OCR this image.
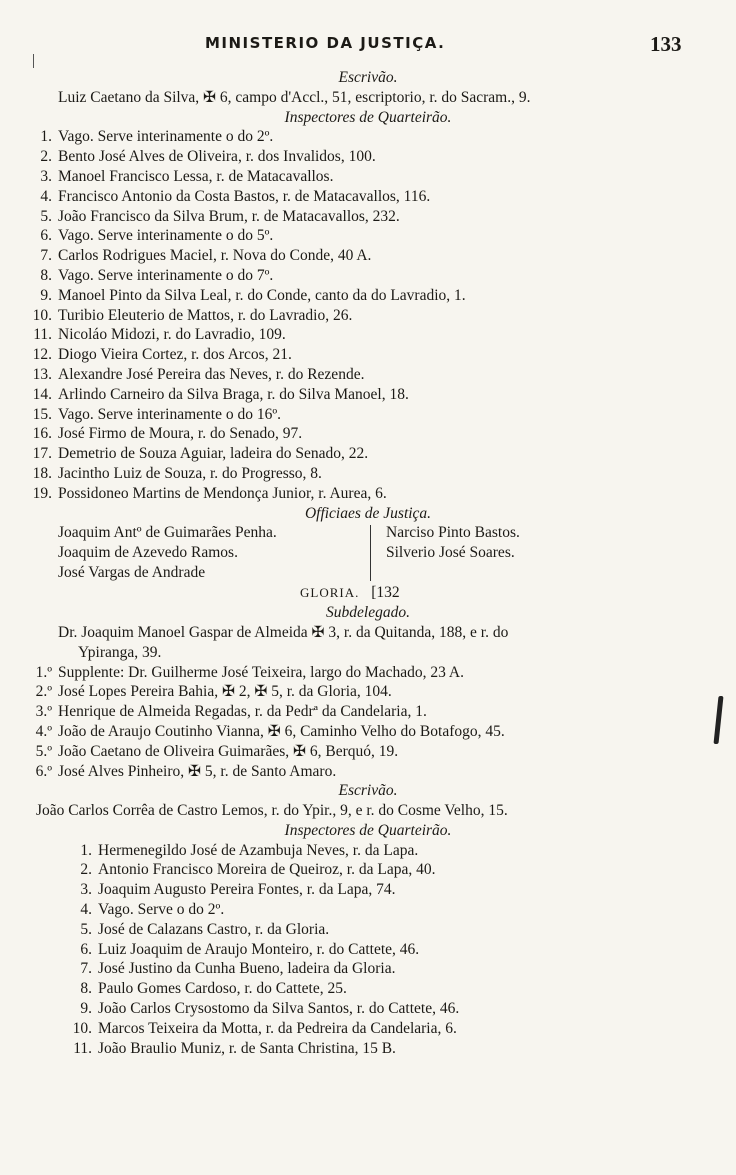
MINISTERIO DA JUSTIÇA.	133
Escrivão.
Luiz Caetano da Silva, ✠ 6, campo d'Accl., 51, escriptorio, r. do Sacram., 9.
Inspectores de Quarteirão.
1. Vago. Serve interinamente o do 2º.
2. Bento José Alves de Oliveira, r. dos Invalidos, 100.
3. Manoel Francisco Lessa, r. de Matacavallos.
4. Francisco Antonio da Costa Bastos, r. de Matacavallos, 116.
5. João Francisco da Silva Brum, r. de Matacavallos, 232.
6. Vago. Serve interinamente o do 5º.
7. Carlos Rodrigues Maciel, r. Nova do Conde, 40 A.
8. Vago. Serve interinamente o do 7º.
9. Manoel Pinto da Silva Leal, r. do Conde, canto da do Lavradio, 1.
10. Turibio Eleuterio de Mattos, r. do Lavradio, 26.
11. Nicoláo Midozi, r. do Lavradio, 109.
12. Diogo Vieira Cortez, r. dos Arcos, 21.
13. Alexandre José Pereira das Neves, r. do Rezende.
14. Arlindo Carneiro da Silva Braga, r. do Silva Manoel, 18.
15. Vago. Serve interinamente o do 16º.
16. José Firmo de Moura, r. do Senado, 97.
17. Demetrio de Souza Aguiar, ladeira do Senado, 22.
18. Jacintho Luiz de Souza, r. do Progresso, 8.
19. Possidoneo Martins de Mendonça Junior, r. Aurea, 6.
Officiaes de Justiça.
Joaquim Antº de Guimarães Penha.
Joaquim de Azevedo Ramos.
José Vargas de Andrade
Narciso Pinto Bastos.
Silverio José Soares.
GLORIA. [132
Subdelegado.
Dr. Joaquim Manoel Gaspar de Almeida ✠ 3, r. da Quitanda, 188, e r. do
Ypiranga, 39.
1.º Supplente: Dr. Guilherme José Teixeira, largo do Machado, 23 A.
2.º José Lopes Pereira Bahia, ✠ 2, ✠ 5, r. da Gloria, 104.
3.º Henrique de Almeida Regadas, r. da Pedrª da Candelaria, 1.
4.º João de Araujo Coutinho Vianna, ✠ 6, Caminho Velho do Botafogo, 45.
5.º João Caetano de Oliveira Guimarães, ✠ 6, Berquó, 19.
6.º José Alves Pinheiro, ✠ 5, r. de Santo Amaro.
Escrivão.
João Carlos Corrêa de Castro Lemos, r. do Ypir., 9, e r. do Cosme Velho, 15.
Inspectores de Quarteirão.
1. Hermenegildo José de Azambuja Neves, r. da Lapa.
2. Antonio Francisco Moreira de Queiroz, r. da Lapa, 40.
3. Joaquim Augusto Pereira Fontes, r. da Lapa, 74.
4. Vago. Serve o do 2º.
5. José de Calazans Castro, r. da Gloria.
6. Luiz Joaquim de Araujo Monteiro, r. do Cattete, 46.
7. José Justino da Cunha Bueno, ladeira da Gloria.
8. Paulo Gomes Cardoso, r. do Cattete, 25.
9. João Carlos Crysostomo da Silva Santos, r. do Cattete, 46.
10. Marcos Teixeira da Motta, r. da Pedreira da Candelaria, 6.
11. João Braulio Muniz, r. de Santa Christina, 15 B.
